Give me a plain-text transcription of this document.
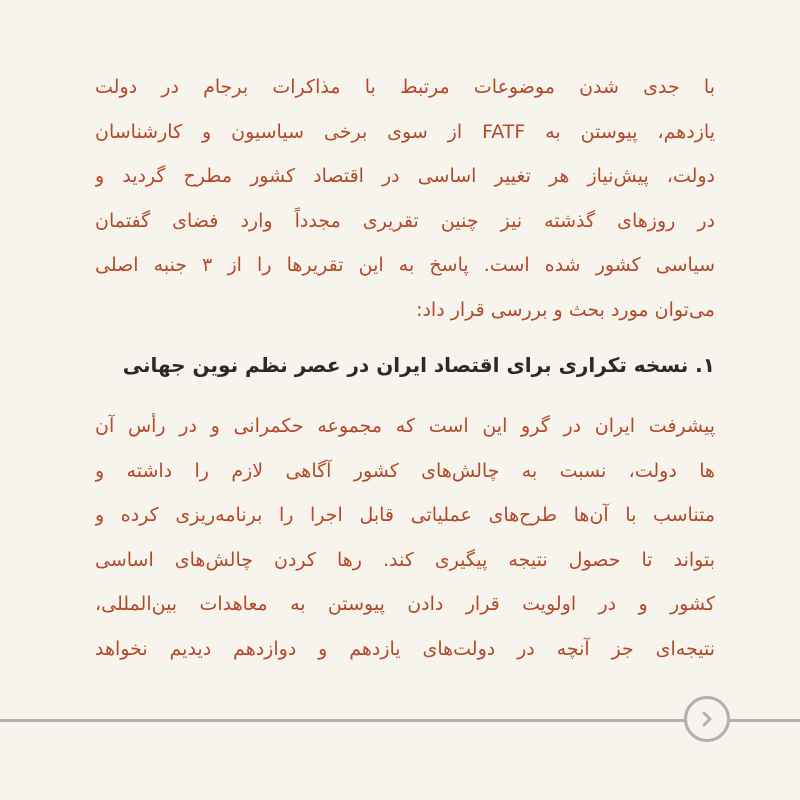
با جدی شدن موضوعات مرتبط با مذاکرات برجام در دولت
یازدهم، پیوستن به FATF از سوی برخی سیاسیون و کارشناسان
دولت، پیش‌نیاز هر تغییر اساسی در اقتصاد کشور مطرح گردید و
در روزهای گذشته نیز چنین تقریری مجدداً وارد فضای گفتمان
سیاسی کشور شده است. پاسخ به این تقریر‌ها را از ۳ جنبه اصلی
می‌توان مورد بحث و بررسی قرار داد:
۱. نسخه تکراری برای اقتصاد ایران در عصر نظم نوین جهانی
پیشرفت ایران در گرو این است که مجموعه حکمرانی و در رأس آن
ها دولت، نسبت به چالش‌های کشور آگاهی لازم را داشته و
متناسب با آن‌ها طرح‌های عملیاتی قابل اجرا را برنامه‌ریزی کرده و
بتواند تا حصول نتیجه پیگیری کند. رها کردن چالش‌های اساسی
کشور و در اولویت قرار دادن پیوستن به معاهدات بین‌المللی،
نتیجه‌ای جز آنچه در دولت‌های یازدهم و دوازدهم دیدیم نخواهد
